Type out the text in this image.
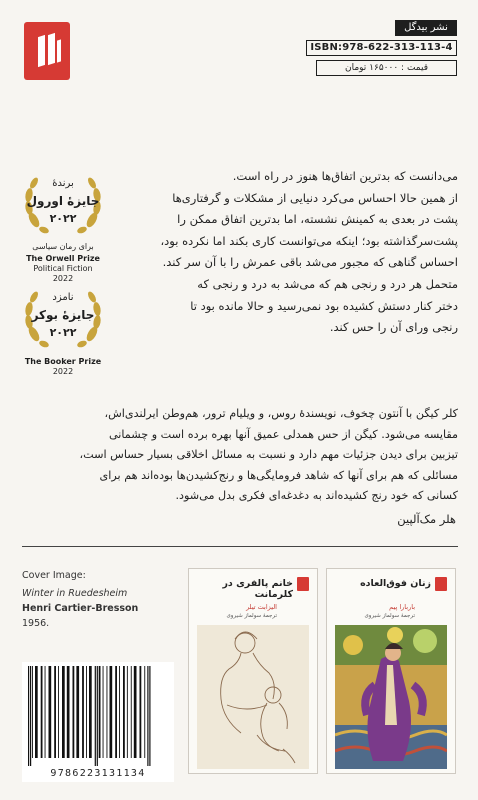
نشر بیدگل
ISBN:978-622-313-113-4
قیمت : ۱۶۵۰۰۰ تومان
برندهٔ
جایزهٔ اورول
۲۰۲۲
برای رمان سیاسی
The Orwell Prize
Political Fiction
2022
نامزد
جایزهٔ بوکر
۲۰۲۲
The Booker Prize
2022
می‌دانست که بدترین اتفاق‌ها هنوز در راه است.
از همین حالا احساس می‌کرد دنیایی از مشکلات و گرفتاری‌ها
پشت در بعدی به کمینش نشسته، اما بدترین اتفاق ممکن را
پشت‌سرگذاشته بود؛ اینکه می‌توانست کاری بکند اما نکرده بود،
احساس گناهی که مجبور می‌شد باقی عمرش را با آن سر کند.
متحمل هر درد و رنجی هم که می‌شد به درد و رنجی که
دختر کنار دستش کشیده بود نمی‌رسید و حالا مانده بود تا
رنجی ورای آن را حس کند.
کلر کیگن با آنتون چخوف، نویسندهٔ روس، و ویلیام ترور، هم‌وطن ایرلندی‌اش،
مقایسه می‌شود. کیگن از حس همدلی عمیق آنها بهره برده است و چشمانی
تیزبین برای دیدن جزئیات مهم دارد و نسبت به مسائل اخلاقی بسیار حساس است،
مسائلی که هم برای آنها که شاهد فرومایگی‌ها و رنج‌کشیدن‌ها بوده‌اند هم برای
کسانی که خود رنج کشیده‌اند به دغدغه‌ای فکری بدل می‌شود.
هلر مک‌آلپین
Cover Image:
Winter in Ruedesheim
Henri Cartier-Bresson
1956.
9786223131134
خانم پالفری در کلرمانت
الیزابت تیلر
ترجمهٔ سولماز شیروی
زنان فوق‌العاده
باربارا پیم
ترجمهٔ سولماز شیروی
